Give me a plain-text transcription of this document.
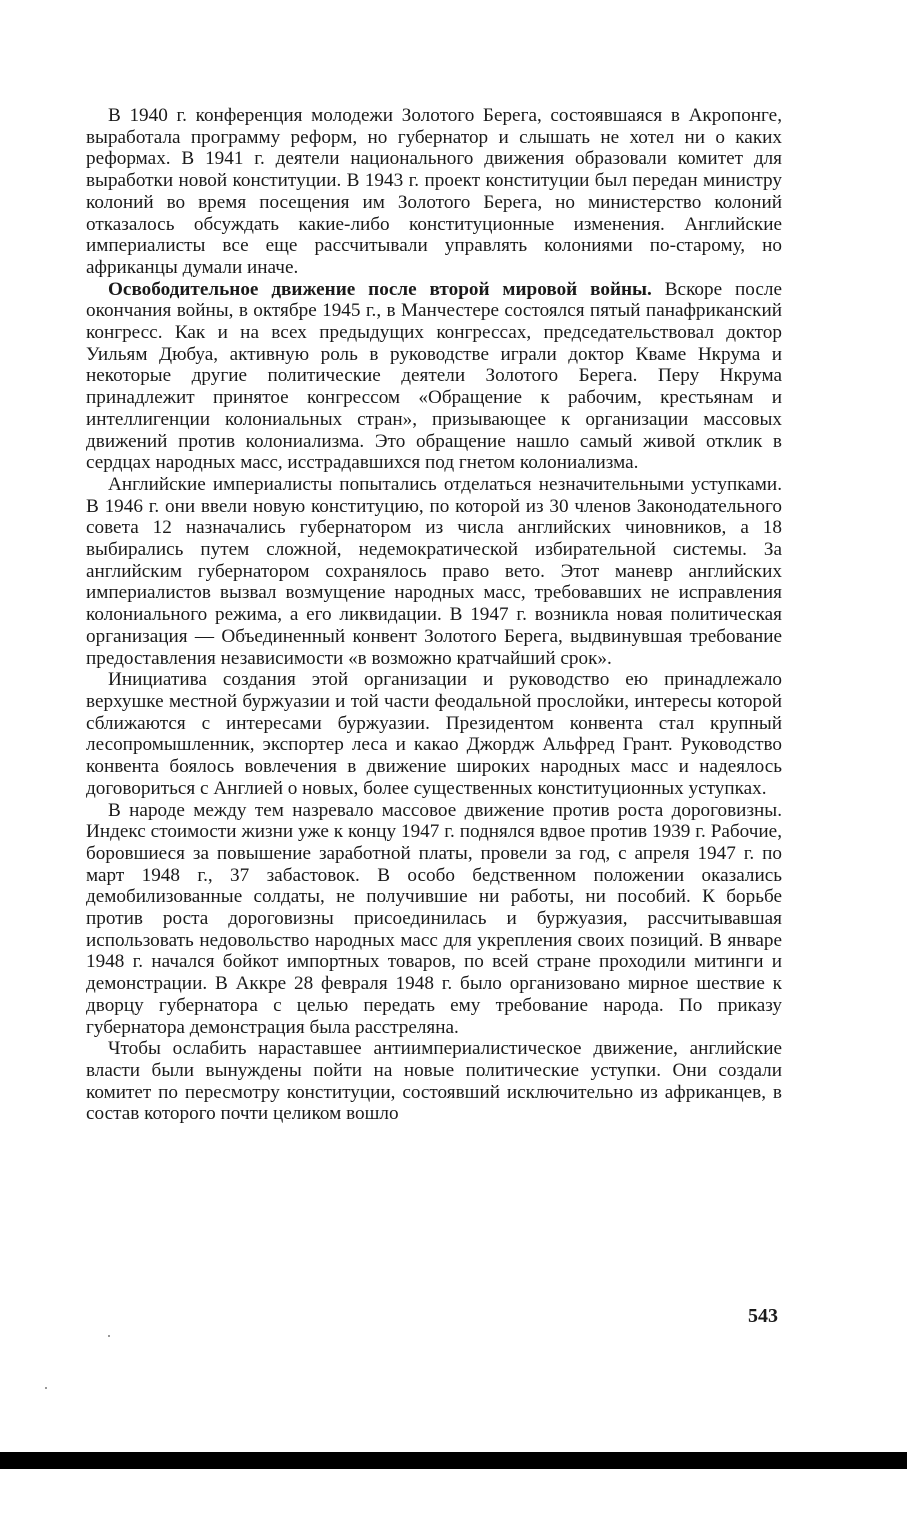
В 1940 г. конференция молодежи Золотого Берега, состоявшаяся в Акропонге, выработала программу реформ, но губернатор и слышать не хотел ни о каких реформах. В 1941 г. деятели национального движения образовали комитет для выработки новой конституции. В 1943 г. проект конституции был передан министру колоний во время посещения им Золотого Берега, но министерство колоний отказалось обсуждать какие-либо конституционные изменения. Английские империалисты все еще рассчитывали управлять колониями по-старому, но африканцы думали иначе.

Освободительное движение после второй мировой войны. Вскоре после окончания войны, в октябре 1945 г., в Манчестере состоялся пятый панафриканский конгресс. Как и на всех предыдущих конгрессах, председательствовал доктор Уильям Дюбуа, активную роль в руководстве играли доктор Кваме Нкрума и некоторые другие политические деятели Золотого Берега. Перу Нкрума принадлежит принятое конгрессом «Обращение к рабочим, крестьянам и интеллигенции колониальных стран», призывающее к организации массовых движений против колониализма. Это обращение нашло самый живой отклик в сердцах народных масс, исстрадавшихся под гнетом колониализма.

Английские империалисты попытались отделаться незначительными уступками. В 1946 г. они ввели новую конституцию, по которой из 30 членов Законодательного совета 12 назначались губернатором из числа английских чиновников, а 18 выбирались путем сложной, недемократической избирательной системы. За английским губернатором сохранялось право вето. Этот маневр английских империалистов вызвал возмущение народных масс, требовавших не исправления колониального режима, а его ликвидации. В 1947 г. возникла новая политическая организация — Объединенный конвент Золотого Берега, выдвинувшая требование предоставления независимости «в возможно кратчайший срок».

Инициатива создания этой организации и руководство ею принадлежало верхушке местной буржуазии и той части феодальной прослойки, интересы которой сближаются с интересами буржуазии. Президентом конвента стал крупный лесопромышленник, экспортер леса и какао Джордж Альфред Грант. Руководство конвента боялось вовлечения в движение широких народных масс и надеялось договориться с Англией о новых, более существенных конституционных уступках.

В народе между тем назревало массовое движение против роста дороговизны. Индекс стоимости жизни уже к концу 1947 г. поднялся вдвое против 1939 г. Рабочие, боровшиеся за повышение заработной платы, провели за год, с апреля 1947 г. по март 1948 г., 37 забастовок. В особо бедственном положении оказались демобилизованные солдаты, не получившие ни работы, ни пособий. К борьбе против роста дороговизны присоединилась и буржуазия, рассчитывавшая использовать недовольство народных масс для укрепления своих позиций. В январе 1948 г. начался бойкот импортных товаров, по всей стране проходили митинги и демонстрации. В Аккре 28 февраля 1948 г. было организовано мирное шествие к дворцу губернатора с целью передать ему требование народа. По приказу губернатора демонстрация была расстреляна.

Чтобы ослабить нараставшее антиимпериалистическое движение, английские власти были вынуждены пойти на новые политические уступки. Они создали комитет по пересмотру конституции, состоявший исключительно из африканцев, в состав которого почти целиком вошло

543
